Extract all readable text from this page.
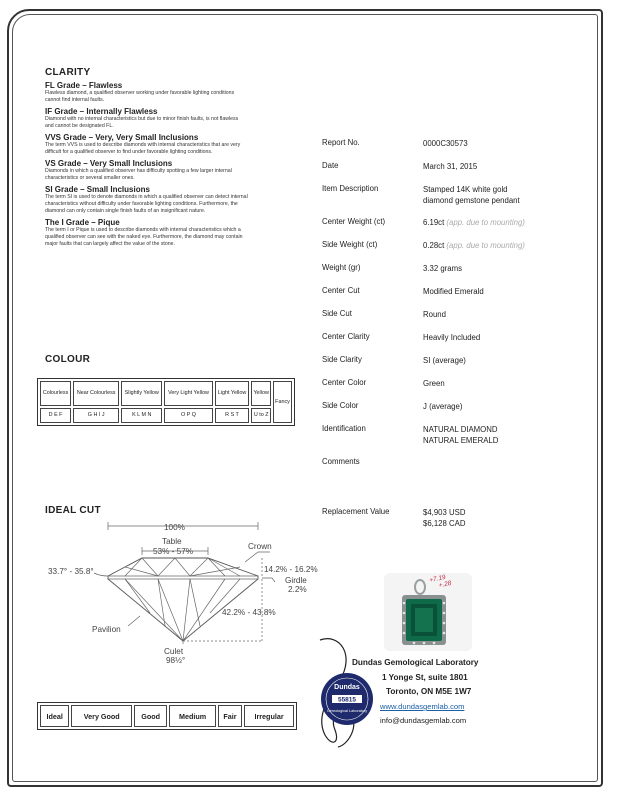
CLARITY
FL Grade – Flawless
Flawless diamond, a qualified observer working under favorable lighting conditions
cannot find internal faults.
IF Grade – Internally Flawless
Diamond with no internal characteristics but due to minor finish faults, is not flawless
and cannot be designated FL.
VVS Grade – Very, Very Small Inclusions
The term VVS is used to describe diamonds with internal characteristics that are very
difficult for a qualified observer to find under favorable lighting conditions.
VS Grade – Very Small Inclusions
Diamonds in which a qualified observer has difficulty spotting a few larger internal
characteristics or several smaller ones.
SI Grade – Small Inclusions
The term SI is used to denote diamonds in which a qualified observer can detect internal
characteristics without difficulty under favorable lighting conditions. Furthermore, the
diamond can only contain single finish faults of an insignificant nature.
The I Grade – Pique
The term I or Pique is used to describe diamonds with internal characteristics which a
qualified observer can see with the naked eye. Furthermore, the diamond may contain
major faults that can largely affect the value of the stone.
COLOUR
Colourless	Near Colourless	Slightly Yellow	Very Light Yellow	Light Yellow	Yellow	Fancy
D E F	G H I J	K L M N	O P Q	R S T	U to Z	
IDEAL CUT
100%
Table
53% - 57%
Crown
33.7° - 35.8°	14.2% - 16.2%
Girdle
2.2%
42.2% - 43.8%
Pavilion
Culet
98½°
Ideal	Very Good	Good	Medium	Fair	Irregular
Report No.	0000C30573
Date	March 31, 2015
Item Description	Stamped 14K white gold
diamond gemstone pendant
Center Weight (ct)	6.19ct (app. due to mounting)
Side Weight (ct)	0.28ct (app. due to mounting)
Weight (gr)	3.32 grams
Center Cut	Modified Emerald
Side Cut	Round
Center Clarity	Heavily Included
Side Clarity	SI (average)
Center Color	Green
Side Color	J (average)
Identification	NATURAL DIAMOND
NATURAL EMERALD
Comments
Replacement Value	$4,903 USD
$6,128 CAD
+7.19
+.28
Dundas
55815
Gemological Laboratory
Dundas Gemological Laboratory
1 Yonge St, suite 1801
Toronto, ON M5E 1W7
www.dundasgemlab.com
info@dundasgemlab.com
